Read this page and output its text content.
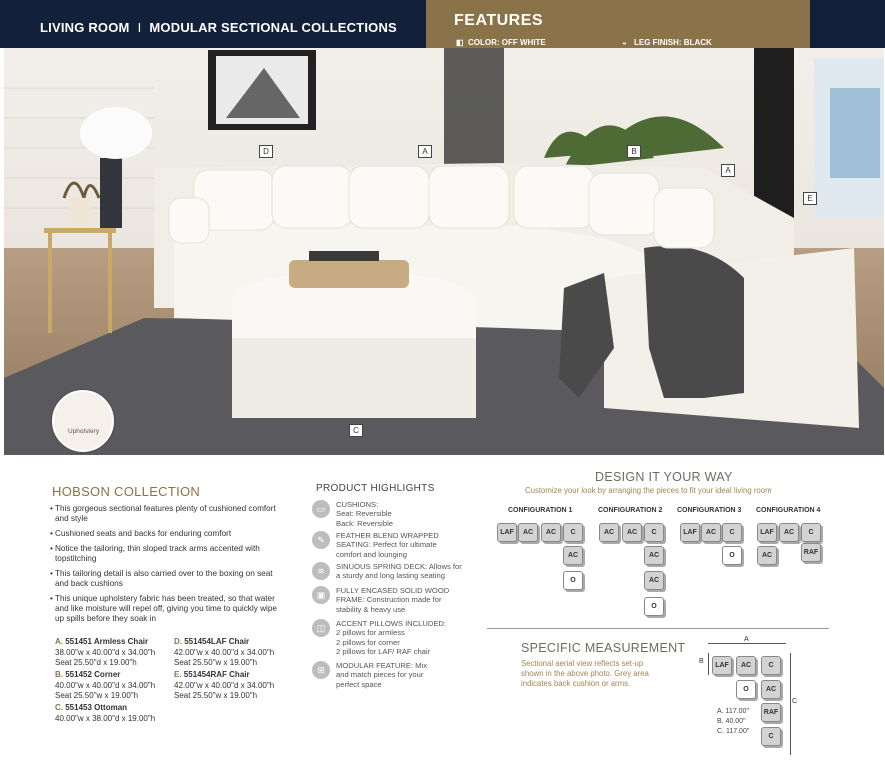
LIVING ROOM I MODULAR SECTIONAL COLLECTIONS	FEATURES
◧ COLOR: OFF WHITE	◒ LEG FINISH: BLACK
D	A	B
A
E
C
Upholstery
HOBSON COLLECTION
• This gorgeous sectional features plenty of cushioned comfort and style
• Cushioned seats and backs for enduring comfort
• Notice the tailoring, thin sloped track arms accented with topstitching
• This tailoring detail is also carried over to the boxing on seat and back cushions
• This unique upholstery fabric has been treated, so that water and like moisture will repel off, giving you time to quickly wipe up spills before they soak in
A. 551451 Armless Chair
38.00"w x 40.00"d x 34.00"h
Seat 25.50"d x 19.00"h
B. 551452 Corner
40.00"w x 40.00"d x 34.00"h
Seat 25.50"w x 19.00"h
C. 551453 Ottoman
40.00"w x 38.00"d x 19.00"h
D. 551454LAF Chair
42.00"w x 40.00"d x 34.00"h
Seat 25.50"w x 19.00"h
E. 551454RAF Chair
42.00"w x 40.00"d x 34.00"h
Seat 25.50"w x 19.00"h
PRODUCT HIGHLIGHTS
▭	CUSHIONS:
Seat: Reversible
Back: Reversible
✎	FEATHER BLEND WRAPPED
SEATING: Perfect for ultimate
comfort and lounging
≋	SINUOUS SPRING DECK: Allows for
a sturdy and long lasting seating
▣	FULLY ENCASED SOLID WOOD
FRAME: Construction made for
stability & heavy use
◫	ACCENT PILLOWS INCLUDED:
2 pillows for armless
2 pillows for corner
2 pillows for LAF/ RAF chair
⊞	MODULAR FEATURE: Mix
and match pieces for your
perfect space
DESIGN IT YOUR WAY
Customize your look by arranging the pieces to fit your ideal living room
CONFIGURATION 1	CONFIGURATION 2 CONFIGURATION 3 CONFIGURATION 4
LAF	AC	AC	C
AC
O
AC	AC	C
AC
AC
O
LAF	AC	C
O
LAF	AC	C
AC	RAF
SPECIFIC MEASUREMENT
Sectional aerial view reflects set-up
shown in the above photo. Grey area
indicates back cushion or arms.
A
B
C
LAF	AC	C
O	AC
RAF
C
A. 117.00"
B. 40.00"
C. 117.00"
